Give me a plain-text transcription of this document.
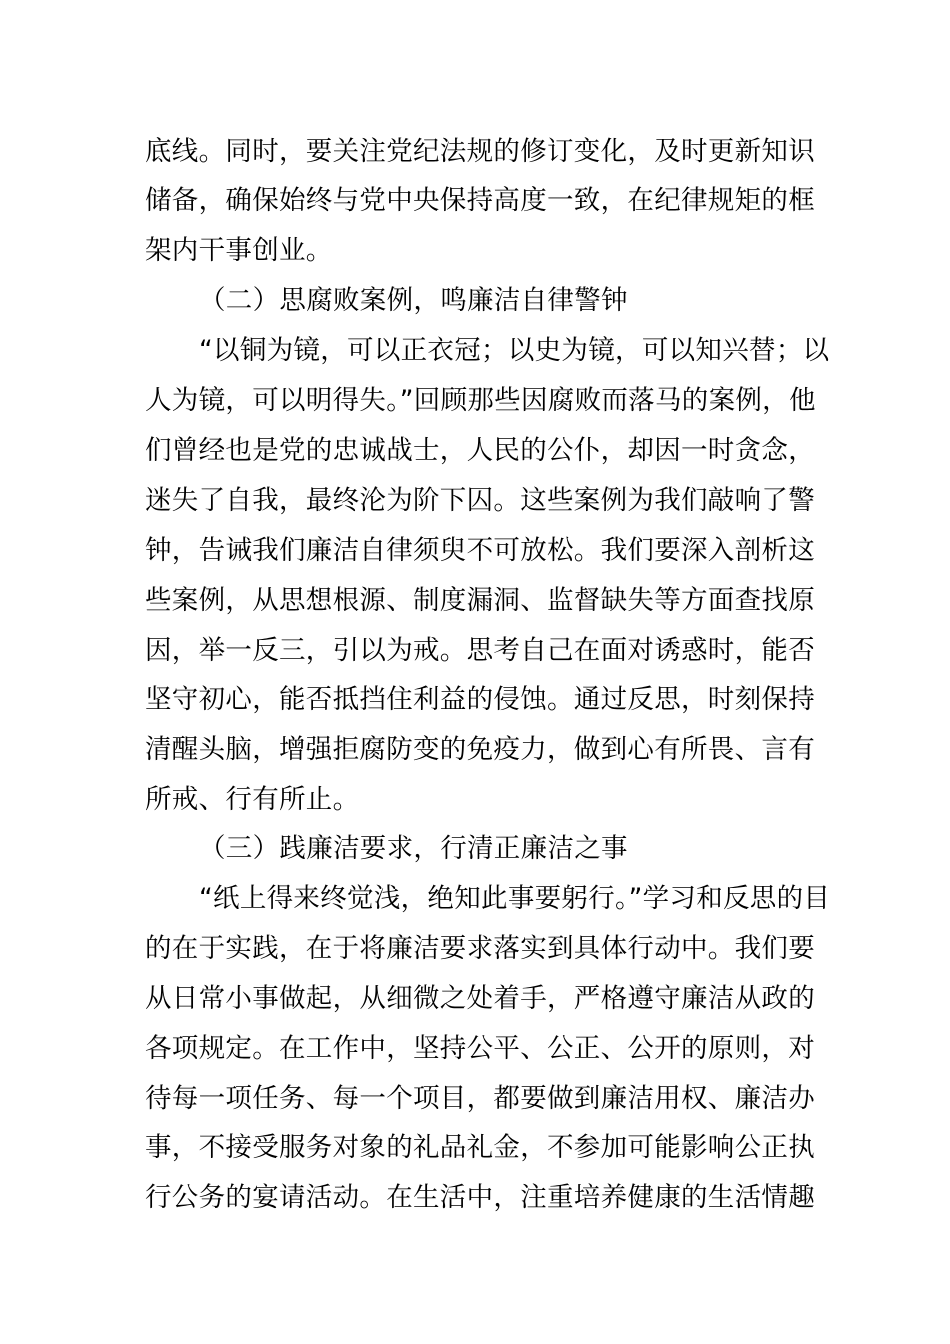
底线。同时，要关注党纪法规的修订变化，及时更新知识
储备，确保始终与党中央保持高度一致，在纪律规矩的框
架内干事创业。
（二）思腐败案例，鸣廉洁自律警钟
“以铜为镜，可以正衣冠；以史为镜，可以知兴替；以
人为镜，可以明得失。”回顾那些因腐败而落马的案例，他
们曾经也是党的忠诚战士，人民的公仆，却因一时贪念，
迷失了自我，最终沦为阶下囚。这些案例为我们敲响了警
钟，告诫我们廉洁自律须臾不可放松。我们要深入剖析这
些案例，从思想根源、制度漏洞、监督缺失等方面查找原
因，举一反三，引以为戒。思考自己在面对诱惑时，能否
坚守初心，能否抵挡住利益的侵蚀。通过反思，时刻保持
清醒头脑，增强拒腐防变的免疫力，做到心有所畏、言有
所戒、行有所止。
（三）践廉洁要求，行清正廉洁之事
“纸上得来终觉浅，绝知此事要躬行。”学习和反思的目
的在于实践，在于将廉洁要求落实到具体行动中。我们要
从日常小事做起，从细微之处着手，严格遵守廉洁从政的
各项规定。在工作中，坚持公平、公正、公开的原则，对
待每一项任务、每一个项目，都要做到廉洁用权、廉洁办
事，不接受服务对象的礼品礼金，不参加可能影响公正执
行公务的宴请活动。在生活中，注重培养健康的生活情趣
